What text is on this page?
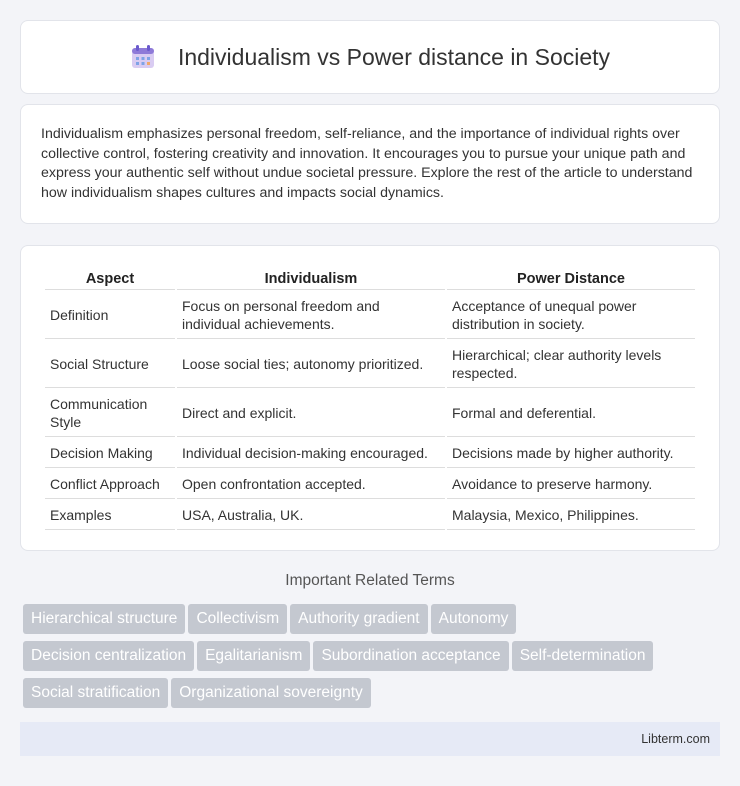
Individualism vs Power distance in Society

Individualism emphasizes personal freedom, self-reliance, and the importance of individual rights over collective control, fostering creativity and innovation. It encourages you to pursue your unique path and express your authentic self without undue societal pressure. Explore the rest of the article to understand how individualism shapes cultures and impacts social dynamics.

Aspect	Individualism	Power Distance
Definition	Focus on personal freedom and individual achievements.	Acceptance of unequal power distribution in society.
Social Structure	Loose social ties; autonomy prioritized.	Hierarchical; clear authority levels respected.
Communication Style	Direct and explicit.	Formal and deferential.
Decision Making	Individual decision-making encouraged.	Decisions made by higher authority.
Conflict Approach	Open confrontation accepted.	Avoidance to preserve harmony.
Examples	USA, Australia, UK.	Malaysia, Mexico, Philippines.
Important Related Terms
Hierarchical structure Collectivism Authority gradient Autonomy
Decision centralization Egalitarianism Subordination acceptance Self-determination
Social stratification Organizational sovereignty
Libterm.com
